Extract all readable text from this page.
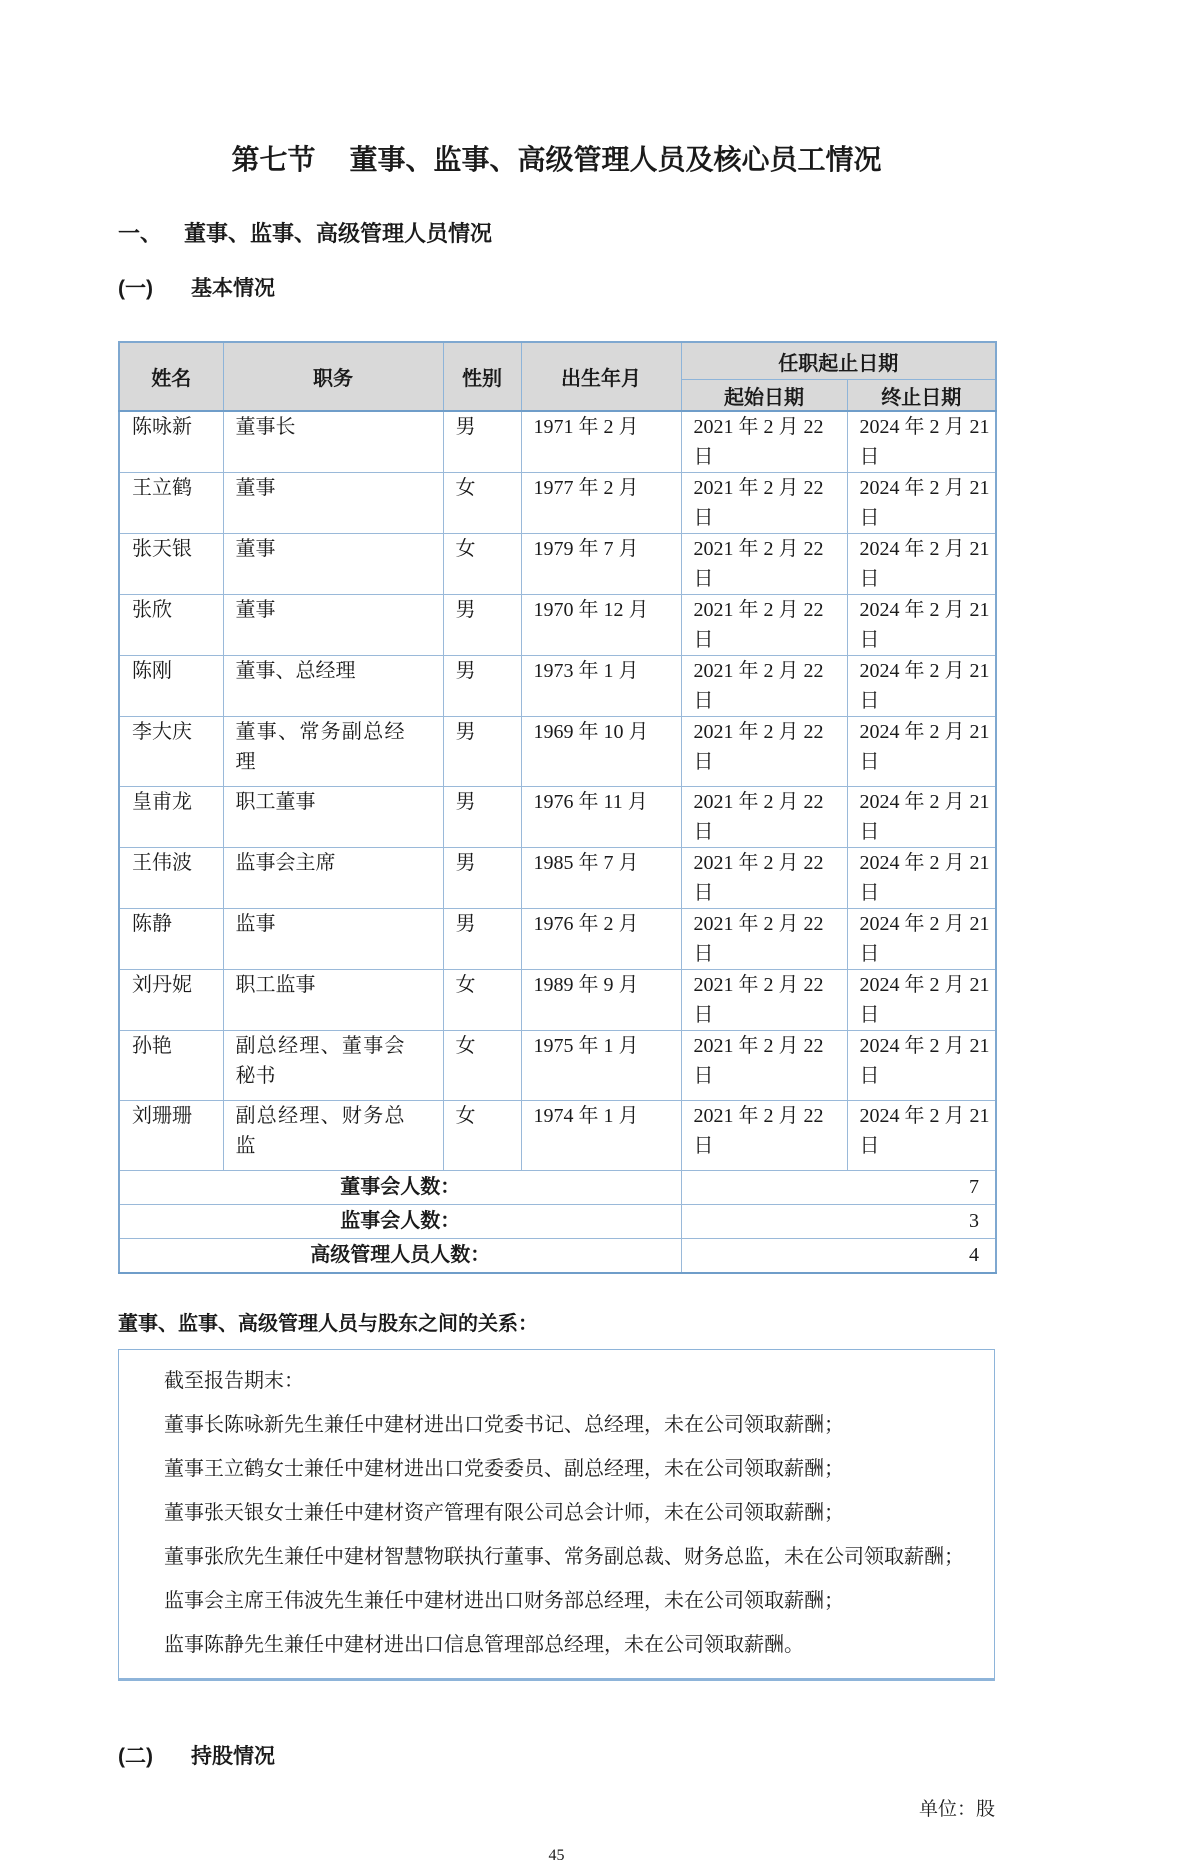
第七节 董事、监事、高级管理人员及核心员工情况
一、 董事、监事、高级管理人员情况
(一) 基本情况
姓名	职务	性别	出生年月	任职起止日期	
				起始日期	终止日期
陈咏新	董事长	男	1971 年 2 月	2021 年 2 月 22 日	2024 年 2 月 21 日
王立鹤	董事	女	1977 年 2 月	2021 年 2 月 22 日	2024 年 2 月 21 日
张天银	董事	女	1979 年 7 月	2021 年 2 月 22 日	2024 年 2 月 21 日
张欣	董事	男	1970 年 12 月	2021 年 2 月 22 日	2024 年 2 月 21 日
陈刚	董事、总经理	男	1973 年 1 月	2021 年 2 月 22 日	2024 年 2 月 21 日
李大庆	董事、常务副总经理	男	1969 年 10 月	2021 年 2 月 22 日	2024 年 2 月 21 日
皇甫龙	职工董事	男	1976 年 11 月	2021 年 2 月 22 日	2024 年 2 月 21 日
王伟波	监事会主席	男	1985 年 7 月	2021 年 2 月 22 日	2024 年 2 月 21 日
陈静	监事	男	1976 年 2 月	2021 年 2 月 22 日	2024 年 2 月 21 日
刘丹妮	职工监事	女	1989 年 9 月	2021 年 2 月 22 日	2024 年 2 月 21 日
孙艳	副总经理、董事会秘书	女	1975 年 1 月	2021 年 2 月 22 日	2024 年 2 月 21 日
刘珊珊	副总经理、财务总监	女	1974 年 1 月	2021 年 2 月 22 日	2024 年 2 月 21 日
董事会人数：				7	
监事会人数：				3	
高级管理人员人数：				4	
董事、监事、高级管理人员与股东之间的关系：

截至报告期末：

董事长陈咏新先生兼任中建材进出口党委书记、总经理，未在公司领取薪酬；

董事王立鹤女士兼任中建材进出口党委委员、副总经理，未在公司领取薪酬；

董事张天银女士兼任中建材资产管理有限公司总会计师，未在公司领取薪酬；

董事张欣先生兼任中建材智慧物联执行董事、常务副总裁、财务总监，未在公司领取薪酬；

监事会主席王伟波先生兼任中建材进出口财务部总经理，未在公司领取薪酬；

监事陈静先生兼任中建材进出口信息管理部总经理，未在公司领取薪酬。

(二) 持股情况
单位：股
45
